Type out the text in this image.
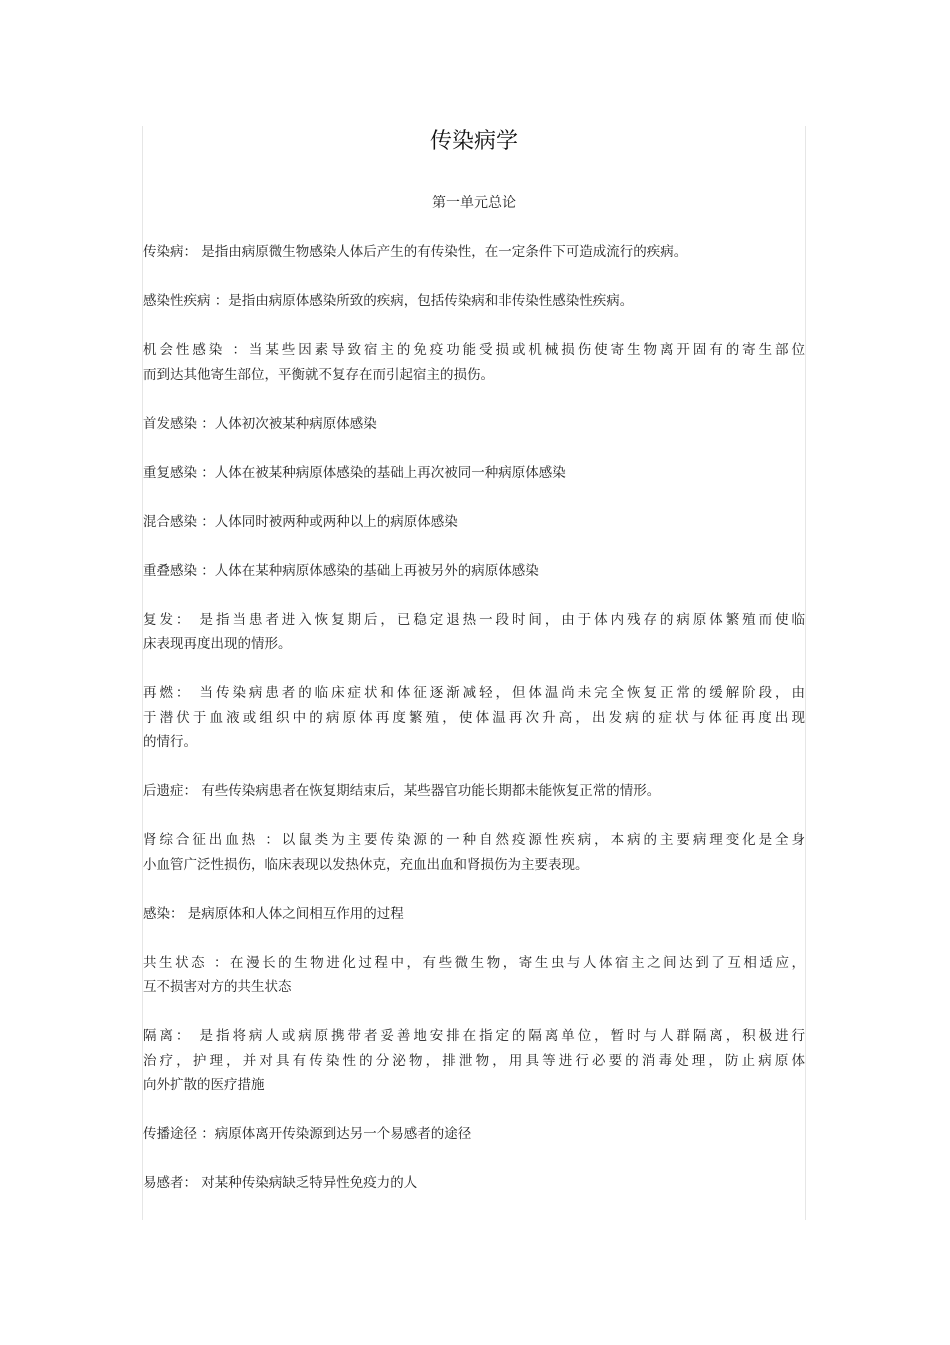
传染病学
第一单元总论
传染病： 是指由病原微生物感染人体后产生的有传染性，在一定条件下可造成流行的疾病。
感染性疾病 ：是指由病原体感染所致的疾病，包括传染病和非传染性感染性疾病。
机会性感染 ：当某些因素导致宿主的免疫功能受损或机械损伤使寄生物离开固有的寄生部位
而到达其他寄生部位，平衡就不复存在而引起宿主的损伤。
首发感染 ：人体初次被某种病原体感染
重复感染 ：人体在被某种病原体感染的基础上再次被同一种病原体感染
混合感染 ：人体同时被两种或两种以上的病原体感染
重叠感染 ：人体在某种病原体感染的基础上再被另外的病原体感染
复发： 是指当患者进入恢复期后，已稳定退热一段时间，由于体内残存的病原体繁殖而使临
床表现再度出现的情形。
再燃： 当传染病患者的临床症状和体征逐渐减轻，但体温尚未完全恢复正常的缓解阶段，由
于潜伏于血液或组织中的病原体再度繁殖，使体温再次升高，出发病的症状与体征再度出现
的情行。
后遗症： 有些传染病患者在恢复期结束后，某些器官功能长期都未能恢复正常的情形。
肾综合征出血热 ：以鼠类为主要传染源的一种自然疫源性疾病，本病的主要病理变化是全身
小血管广泛性损伤，临床表现以发热休克，充血出血和肾损伤为主要表现。
感染： 是病原体和人体之间相互作用的过程
共生状态 ：在漫长的生物进化过程中，有些微生物，寄生虫与人体宿主之间达到了互相适应，
互不损害对方的共生状态
隔离： 是指将病人或病原携带者妥善地安排在指定的隔离单位，暂时与人群隔离，积极进行
治疗，护理，并对具有传染性的分泌物，排泄物，用具等进行必要的消毒处理，防止病原体
向外扩散的医疗措施
传播途径 ：病原体离开传染源到达另一个易感者的途径
易感者： 对某种传染病缺乏特异性免疫力的人
